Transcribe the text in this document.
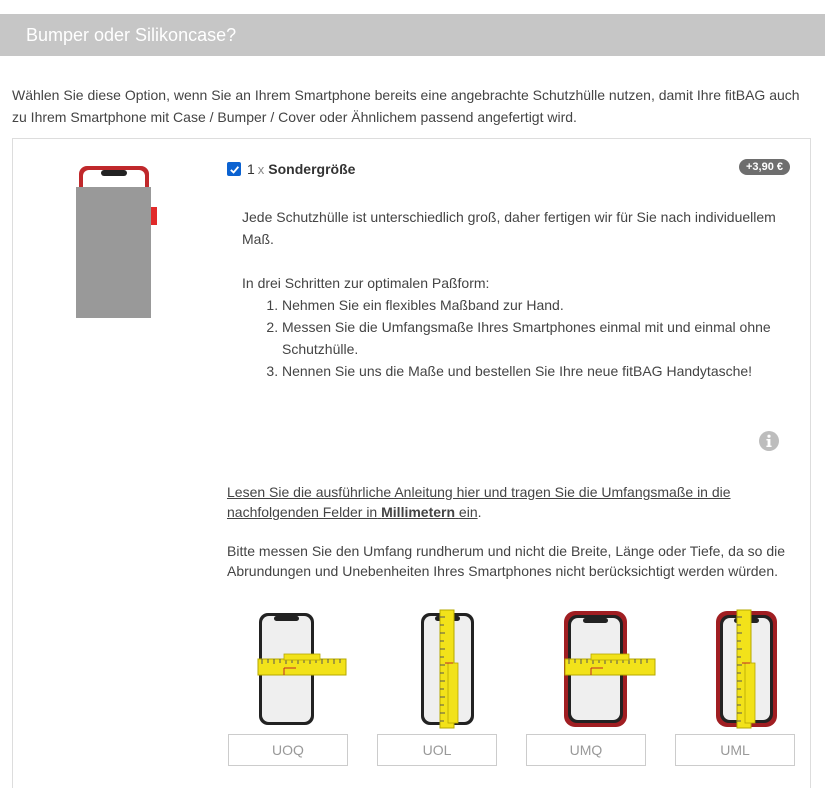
Bumper oder Silikoncase?
Wählen Sie diese Option, wenn Sie an Ihrem Smartphone bereits eine angebrachte Schutzhülle nutzen, damit Ihre fitBAG auch zu Ihrem Smartphone mit Case / Bumper / Cover oder Ähnlichem passend angefertigt wird.
1 x Sondergröße	+3,90 €

Jede Schutzhülle ist unterschiedlich groß, daher fertigen wir für Sie nach individuellem Maß.

In drei Schritten zur optimalen Paßform:

1. Nehmen Sie ein flexibles Maßband zur Hand.
2. Messen Sie die Umfangsmaße Ihres Smartphones einmal mit und einmal ohne Schutzhülle.
3. Nennen Sie uns die Maße und bestellen Sie Ihre neue fitBAG Handytasche!
Lesen Sie die ausführliche Anleitung hier und tragen Sie die Umfangsmaße in die nachfolgenden Felder in Millimetern ein.
Bitte messen Sie den Umfang rundherum und nicht die Breite, Länge oder Tiefe, da so die Abrundungen und Unebenheiten Ihres Smartphones nicht berücksichtigt werden würden.
UOQ
UOL
UMQ
UML
